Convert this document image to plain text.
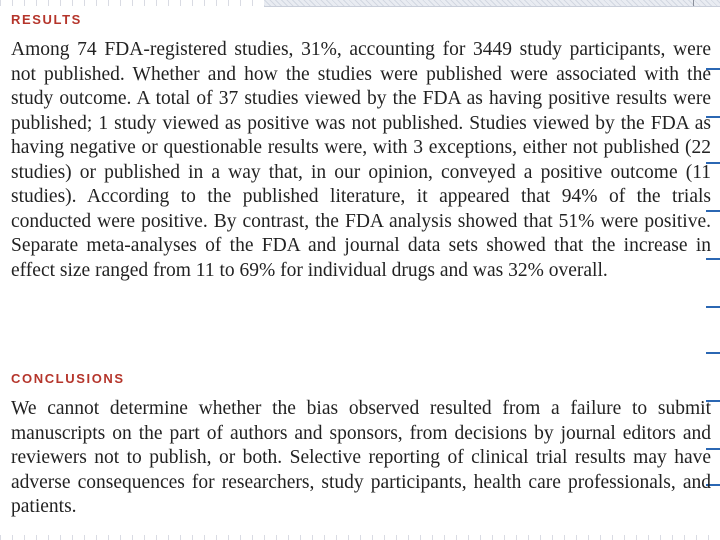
RESULTS

Among 74 FDA-registered studies, 31%, accounting for 3449 study participants, were not published. Whether and how the studies were published were associated with the study outcome. A total of 37 studies viewed by the FDA as having positive results were published; 1 study viewed as positive was not published. Studies viewed by the FDA as having negative or questionable results were, with 3 exceptions, either not published (22 studies) or published in a way that, in our opinion, conveyed a positive outcome (11 studies). According to the published literature, it appeared that 94% of the trials conducted were positive. By contrast, the FDA analysis showed that 51% were positive. Separate meta-analyses of the FDA and journal data sets showed that the increase in effect size ranged from 11 to 69% for individual drugs and was 32% overall.

CONCLUSIONS

We cannot determine whether the bias observed resulted from a failure to submit manuscripts on the part of authors and sponsors, from decisions by journal editors and reviewers not to publish, or both. Selective reporting of clinical trial results may have adverse consequences for researchers, study participants, health care professionals, and patients.
